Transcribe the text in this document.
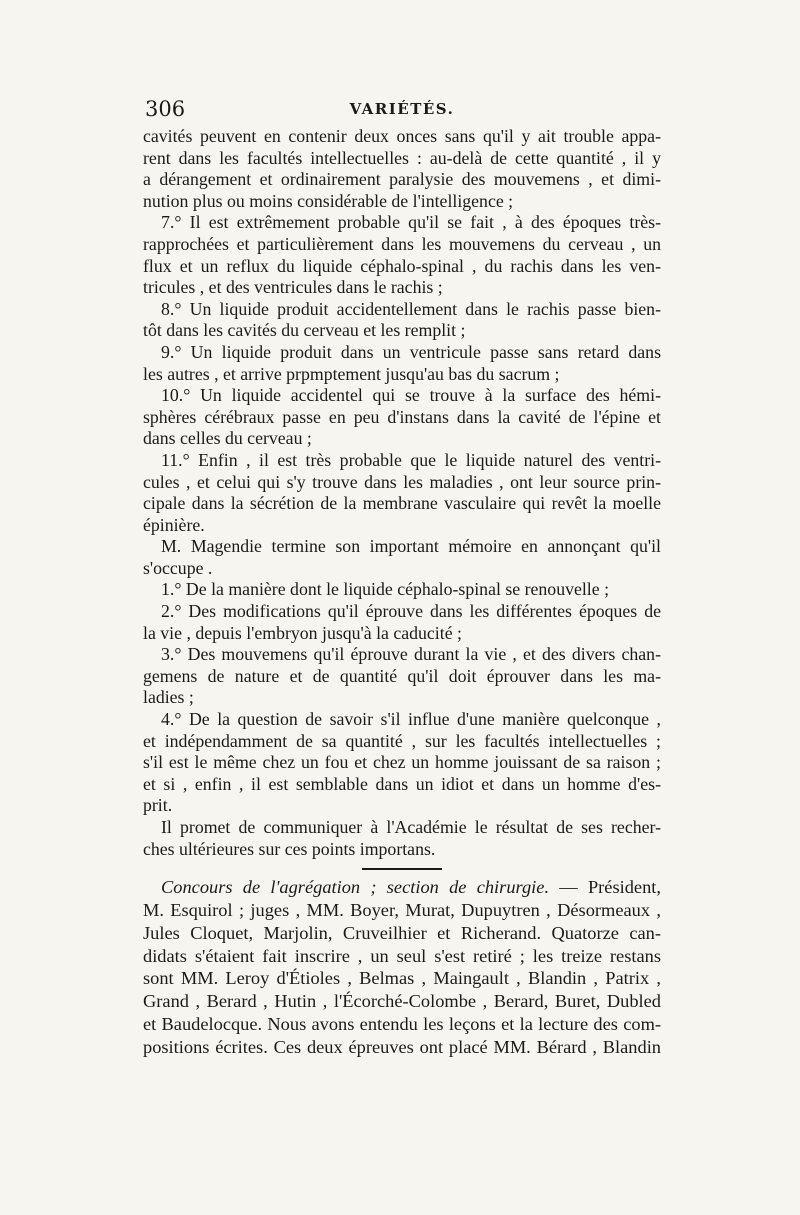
306	VARIÉTÉS.
cavités peuvent en contenir deux onces sans qu'il y ait trouble appa-
rent dans les facultés intellectuelles : au-delà de cette quantité , il y
a dérangement et ordinairement paralysie des mouvemens , et dimi-
nution plus ou moins considérable de l'intelligence ;
7.° Il est extrêmement probable qu'il se fait , à des époques très-
rapprochées et particulièrement dans les mouvemens du cerveau , un
flux et un reflux du liquide céphalo-spinal , du rachis dans les ven-
tricules , et des ventricules dans le rachis ;
8.° Un liquide produit accidentellement dans le rachis passe bien-
tôt dans les cavités du cerveau et les remplit ;
9.° Un liquide produit dans un ventricule passe sans retard dans
les autres , et arrive prpmptement jusqu'au bas du sacrum ;
10.° Un liquide accidentel qui se trouve à la surface des hémi-
sphères cérébraux passe en peu d'instans dans la cavité de l'épine et
dans celles du cerveau ;
11.° Enfin , il est très probable que le liquide naturel des ventri-
cules , et celui qui s'y trouve dans les maladies , ont leur source prin-
cipale dans la sécrétion de la membrane vasculaire qui revêt la moelle
épinière.
M. Magendie termine son important mémoire en annonçant qu'il
s'occupe .
1.° De la manière dont le liquide céphalo-spinal se renouvelle ;
2.° Des modifications qu'il éprouve dans les différentes époques de
la vie , depuis l'embryon jusqu'à la caducité ;
3.° Des mouvemens qu'il éprouve durant la vie , et des divers chan-
gemens de nature et de quantité qu'il doit éprouver dans les ma-
ladies ;
4.° De la question de savoir s'il influe d'une manière quelconque ,
et indépendamment de sa quantité , sur les facultés intellectuelles ;
s'il est le même chez un fou et chez un homme jouissant de sa raison ;
et si , enfin , il est semblable dans un idiot et dans un homme d'es-
prit.
Il promet de communiquer à l'Académie le résultat de ses recher-
ches ultérieures sur ces points importans.
Concours de l'agrégation ; section de chirurgie. — Président,
M. Esquirol ; juges , MM. Boyer, Murat, Dupuytren , Désormeaux ,
Jules Cloquet, Marjolin, Cruveilhier et Richerand. Quatorze can-
didats s'étaient fait inscrire , un seul s'est retiré ; les treize restans
sont MM. Leroy d'Étioles , Belmas , Maingault , Blandin , Patrix ,
Grand , Berard , Hutin , l'Écorché-Colombe , Berard, Buret, Dubled
et Baudelocque. Nous avons entendu les leçons et la lecture des com-
positions écrites. Ces deux épreuves ont placé MM. Bérard , Blandin
